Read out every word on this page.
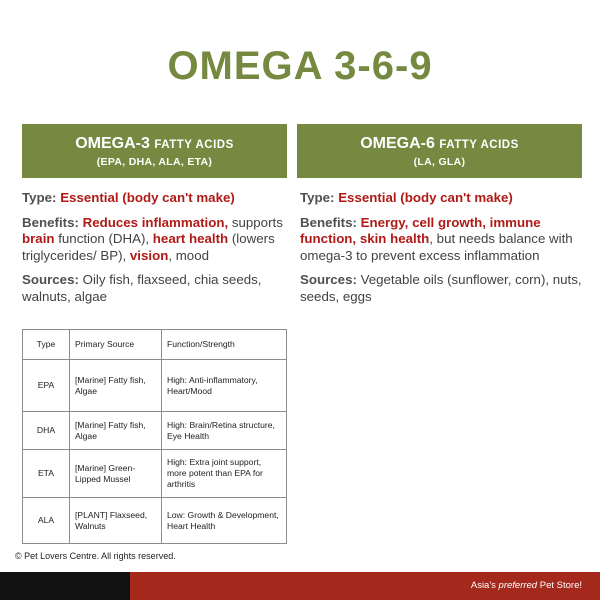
OMEGA 3-6-9
OMEGA-3 FATTY ACIDS
(EPA, DHA, ALA, ETA)
OMEGA-6 FATTY ACIDS
(LA, GLA)
Type: Essential (body can't make)
Benefits: Reduces inflammation, supports brain function (DHA), heart health (lowers triglycerides/ BP), vision, mood
Sources: Oily fish, flaxseed, chia seeds, walnuts, algae
Type: Essential (body can't make)
Benefits: Energy, cell growth, immune function, skin health, but needs balance with omega-3 to prevent excess inflammation
Sources: Vegetable oils (sunflower, corn), nuts, seeds, eggs
Type	Primary Source	Function/Strength
EPA	[Marine] Fatty fish, Algae	High: Anti-inflammatory, Heart/Mood
DHA	[Marine] Fatty fish, Algae	High: Brain/Retina structure, Eye Health
ETA	[Marine] Green-Lipped Mussel	High: Extra joint support, more potent than EPA for arthritis
ALA	[PLANT] Flaxseed, Walnuts	Low: Growth & Development, Heart Health
© Pet Lovers Centre. All rights reserved.
Asia's preferred Pet Store!
